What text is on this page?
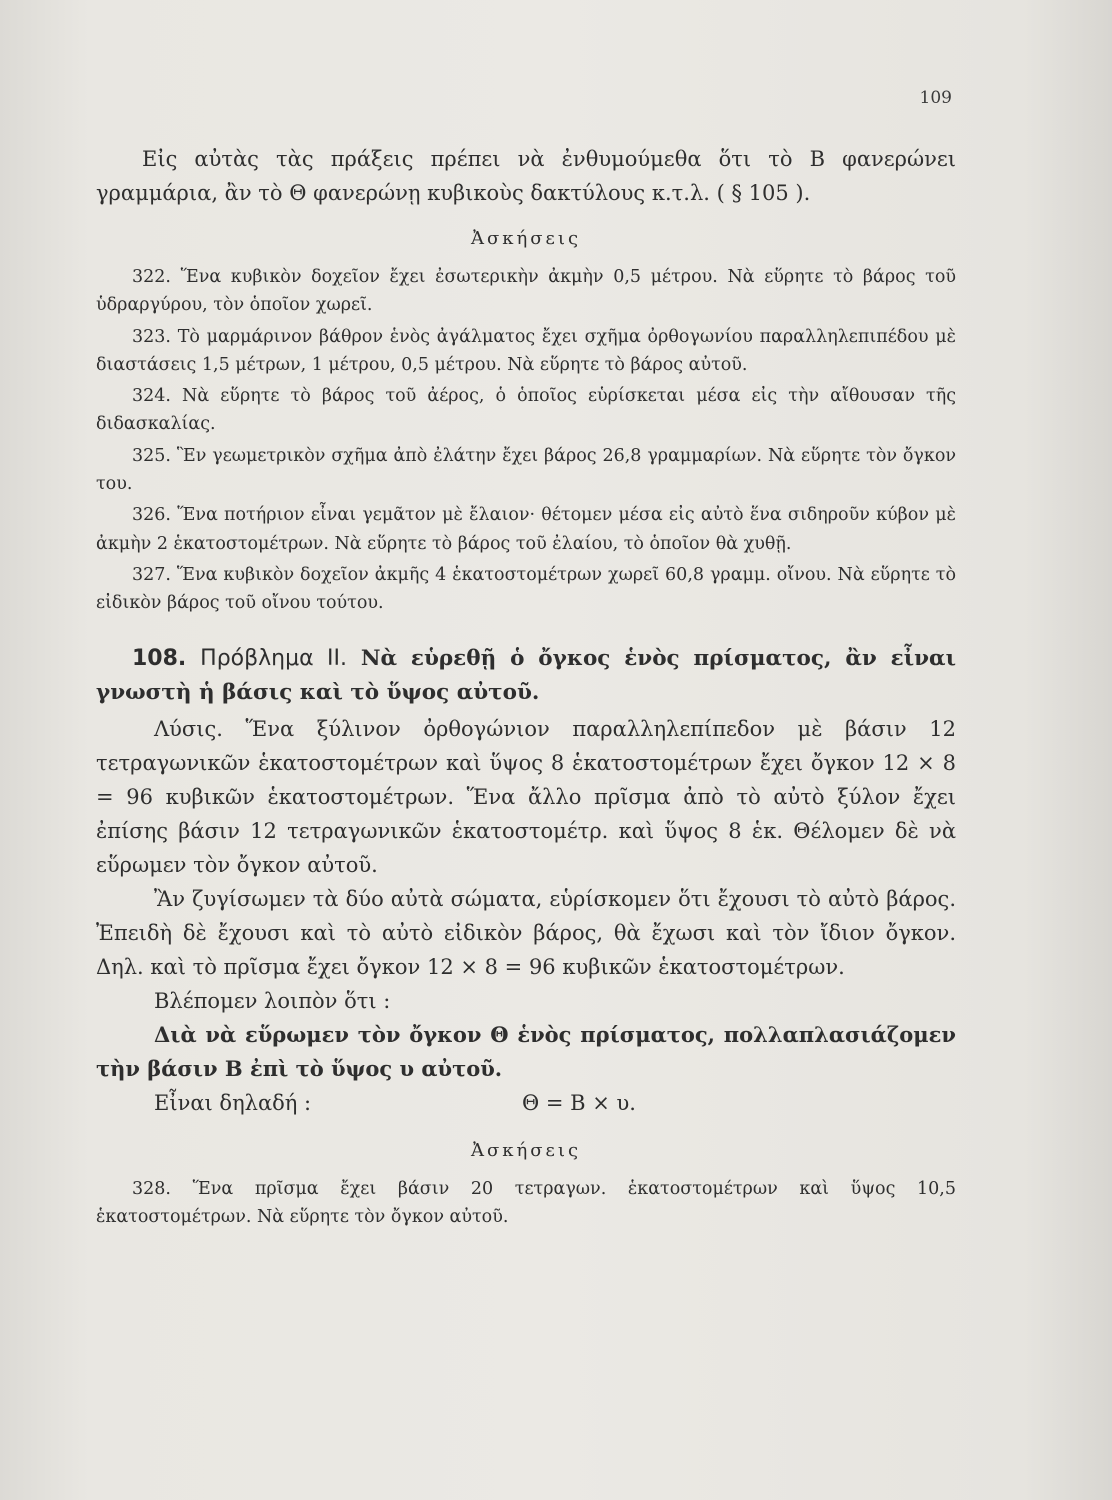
109

Εἰς αὐτὰς τὰς πράξεις πρέπει νὰ ἐνθυμούμεθα ὅτι τὸ Β φανερώνει γραμμάρια, ἂν τὸ Θ φανερώνῃ κυβικοὺς δακτύλους κ.τ.λ. ( § 105 ).

Ἀσκήσεις

322. Ἕνα κυβικὸν δοχεῖον ἔχει ἐσωτερικὴν ἀκμὴν 0,5 μέτρου. Νὰ εὕρητε τὸ βάρος τοῦ ὑδραργύρου, τὸν ὁποῖον χωρεῖ.

323. Τὸ μαρμάρινον βάθρον ἑνὸς ἀγάλματος ἔχει σχῆμα ὀρθογωνίου παραλληλεπιπέδου μὲ διαστάσεις 1,5 μέτρων, 1 μέτρου, 0,5 μέτρου. Νὰ εὕρητε τὸ βάρος αὐτοῦ.

324. Νὰ εὕρητε τὸ βάρος τοῦ ἀέρος, ὁ ὁποῖος εὑρίσκεται μέσα εἰς τὴν αἴθουσαν τῆς διδασκαλίας.

325. Ἓν γεωμετρικὸν σχῆμα ἀπὸ ἐλάτην ἔχει βάρος 26,8 γραμμαρίων. Νὰ εὕρητε τὸν ὄγκον του.

326. Ἕνα ποτήριον εἶναι γεμᾶτον μὲ ἔλαιον· θέτομεν μέσα εἰς αὐτὸ ἕνα σιδηροῦν κύβον μὲ ἀκμὴν 2 ἑκατοστομέτρων. Νὰ εὕρητε τὸ βάρος τοῦ ἐλαίου, τὸ ὁποῖον θὰ χυθῇ.

327. Ἕνα κυβικὸν δοχεῖον ἀκμῆς 4 ἑκατοστομέτρων χωρεῖ 60,8 γραμμ. οἴνου. Νὰ εὕρητε τὸ εἰδικὸν βάρος τοῦ οἴνου τούτου.

108. Πρόβλημα ΙΙ. Νὰ εὑρεθῇ ὁ ὄγκος ἑνὸς πρίσματος, ἂν εἶναι γνωστὴ ἡ βάσις καὶ τὸ ὕψος αὐτοῦ.

Λύσις. Ἕνα ξύλινον ὀρθογώνιον παραλληλεπίπεδον μὲ βάσιν 12 τετραγωνικῶν ἑκατοστομέτρων καὶ ὕψος 8 ἑκατοστομέτρων ἔχει ὄγκον 12 × 8 = 96 κυβικῶν ἑκατοστομέτρων. Ἕνα ἄλλο πρῖσμα ἀπὸ τὸ αὐτὸ ξύλον ἔχει ἐπίσης βάσιν 12 τετραγωνικῶν ἑκατοστομέτρ. καὶ ὕψος 8 ἑκ. Θέλομεν δὲ νὰ εὕρωμεν τὸν ὄγκον αὐτοῦ.

Ἂν ζυγίσωμεν τὰ δύο αὐτὰ σώματα, εὑρίσκομεν ὅτι ἔχουσι τὸ αὐτὸ βάρος. Ἐπειδὴ δὲ ἔχουσι καὶ τὸ αὐτὸ εἰδικὸν βάρος, θὰ ἔχωσι καὶ τὸν ἴδιον ὄγκον. Δηλ. καὶ τὸ πρῖσμα ἔχει ὄγκον 12 × 8 = 96 κυβικῶν ἑκατοστομέτρων.

Βλέπομεν λοιπὸν ὅτι :

Διὰ νὰ εὕρωμεν τὸν ὄγκον Θ ἑνὸς πρίσματος, πολλαπλασιάζομεν τὴν βάσιν Β ἐπὶ τὸ ὕψος υ αὐτοῦ.

Εἶναι δηλαδή :	Θ = Β × υ.
Ἀσκήσεις

328. Ἕνα πρῖσμα ἔχει βάσιν 20 τετραγων. ἑκατοστομέτρων καὶ ὕψος 10,5 ἑκατοστομέτρων. Νὰ εὕρητε τὸν ὄγκον αὐτοῦ.
